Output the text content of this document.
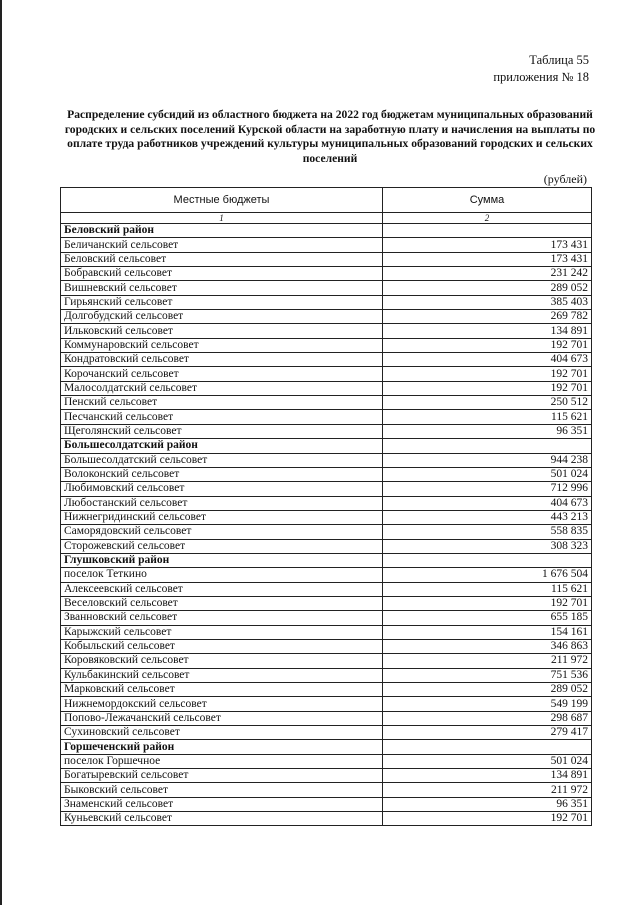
Таблица 55
приложения № 18
Распределение субсидий из областного бюджета на 2022 год бюджетам муниципальных образований городских и сельских поселений Курской области на заработную плату и начисления на выплаты по оплате труда работников учреждений культуры муниципальных образований городских и сельских поселений
(рублей)
Местные бюджеты	Сумма
1	2
Беловский район	
Беличанский сельсовет	173 431
Беловский сельсовет	173 431
Бобравский сельсовет	231 242
Вишневский сельсовет	289 052
Гирьянский сельсовет	385 403
Долгобудский сельсовет	269 782
Ильковский сельсовет	134 891
Коммунаровский сельсовет	192 701
Кондратовский сельсовет	404 673
Корочанский сельсовет	192 701
Малосолдатский сельсовет	192 701
Пенский сельсовет	250 512
Песчанский сельсовет	115 621
Щеголянский сельсовет	96 351
Большесолдатский район	
Большесолдатский сельсовет	944 238
Волоконский сельсовет	501 024
Любимовский сельсовет	712 996
Любостанский сельсовет	404 673
Нижнегридинский сельсовет	443 213
Саморядовский сельсовет	558 835
Сторожевский сельсовет	308 323
Глушковский район	
поселок Теткино	1 676 504
Алексеевский сельсовет	115 621
Веселовский сельсовет	192 701
Званновский сельсовет	655 185
Карыжский сельсовет	154 161
Кобыльский сельсовет	346 863
Коровяковский сельсовет	211 972
Кульбакинский сельсовет	751 536
Марковский сельсовет	289 052
Нижнемордокский сельсовет	549 199
Попово-Лежачанский сельсовет	298 687
Сухиновский сельсовет	279 417
Горшеченский район	
поселок Горшечное	501 024
Богатыревский сельсовет	134 891
Быковский сельсовет	211 972
Знаменский сельсовет	96 351
Куньевский сельсовет	192 701
